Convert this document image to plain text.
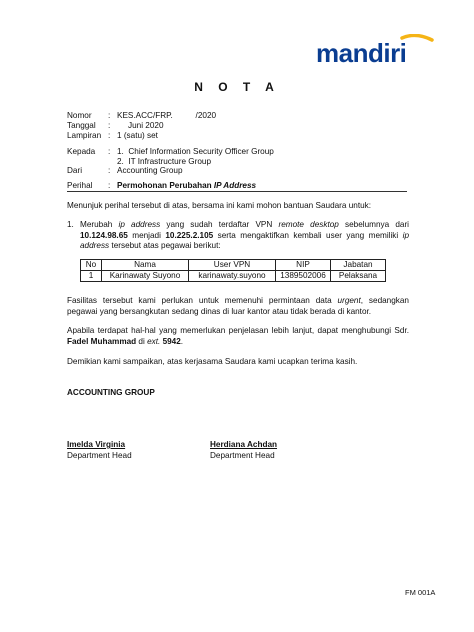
mandiri
N O T A
Nomor : KES.ACC/FRP.          /2020
Tanggal : Juni 2020
Lampiran : 1 (satu) set
Kepada : 1.  Chief Information Security Officer Group
2.  IT Infrastructure Group
Dari	: Accounting Group
Perihal : Permohonan Perubahan IP Address
Menunjuk perihal tersebut di atas, bersama ini kami mohon bantuan Saudara untuk:
1. Merubah ip address yang sudah terdaftar VPN remote desktop sebelumnya dari 10.124.98.65 menjadi 10.225.2.105 serta mengaktifkan kembali user yang memiliki ip address tersebut atas pegawai berikut:
No	Nama	User VPN	NIP	Jabatan
1	Karinawaty Suyono	karinawaty.suyono	1389502006	Pelaksana
Fasilitas tersebut kami perlukan untuk memenuhi permintaan data urgent, sedangkan pegawai yang bersangkutan sedang dinas di luar kantor atau tidak berada di kantor.
Apabila terdapat hal-hal yang memerlukan penjelasan lebih lanjut, dapat menghubungi Sdr. Fadel Muhammad di ext. 5942.
Demikian kami sampaikan, atas kerjasama Saudara kami ucapkan terima kasih.
ACCOUNTING GROUP
Imelda Virginia
Department Head
Herdiana Achdan
Department Head
FM 001A
